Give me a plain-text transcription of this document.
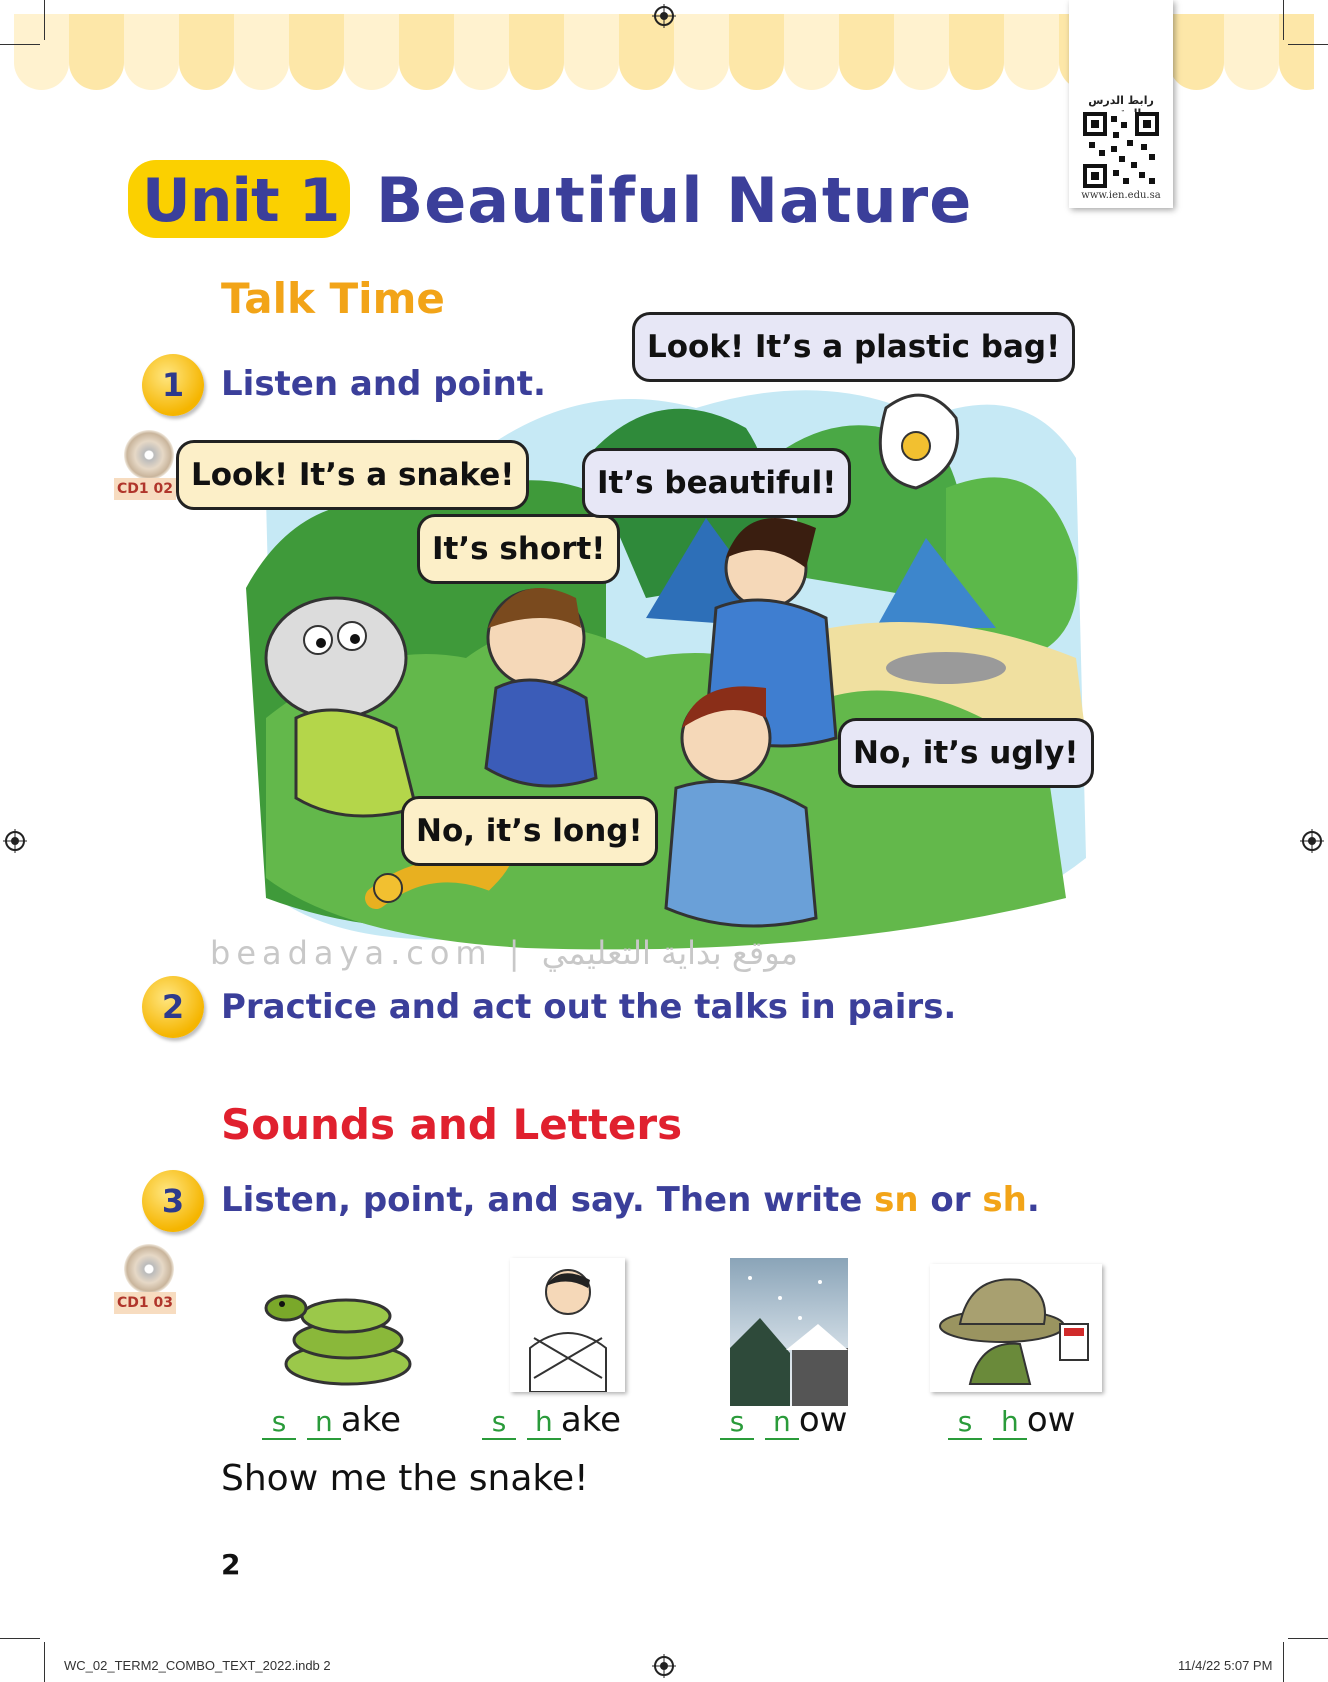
رابط الدرس
www.ien.edu.sa
Unit 1 Beautiful Nature
Talk Time
1	Listen and point.
CD1 02 Look! It’s a snake!
It’s short!
It’s beautiful!
Look! It’s a plastic bag!
No, it’s ugly!
No, it’s long!
beadaya.com | موقع بداية التعليمي
2	Practice and act out the talks in pairs.
Sounds and Letters
3	Listen, point, and say. Then write sn or sh.
CD1 03
s n ake	s h ake	s n ow	s h ow
Show me the snake!
2
WC_02_TERM2_COMBO_TEXT_2022.indb 2	11/4/22 5:07 PM
